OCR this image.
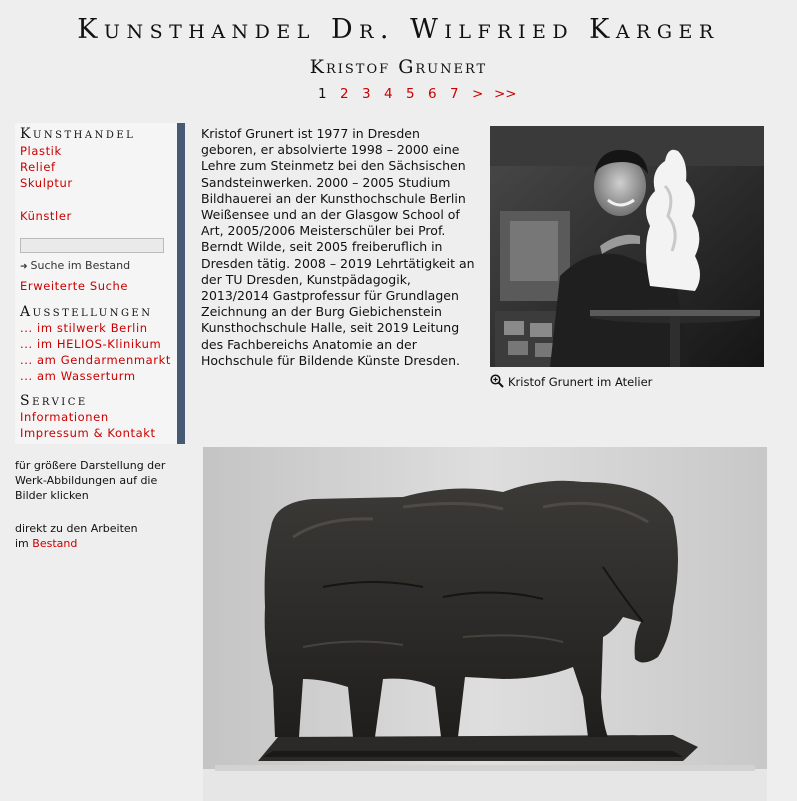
Kunsthandel Dr. Wilfried Karger
Kristof Grunert
1 2 3 4 5 6 7 > >>
Kunsthandel
Plastik
Relief
Skulptur
Künstler
➜ Suche im Bestand
Erweiterte Suche
Ausstellungen
... im stilwerk Berlin
... im HELIOS-Klinikum
... am Gendarmenmarkt
... am Wasserturm
Service
Informationen
Impressum & Kontakt
für größere Darstellung der Werk-Abbildungen auf die Bilder klicken
direkt zu den Arbeiten
im Bestand
Kristof Grunert ist 1977 in Dresden geboren, er absolvierte 1998 – 2000 eine Lehre zum Steinmetz bei den Sächsischen Sandsteinwerken. 2000 – 2005 Studium Bildhauerei an der Kunsthochschule Berlin Weißensee und an der Glasgow School of Art, 2005/2006 Meisterschüler bei Prof. Berndt Wilde, seit 2005 freiberuflich in Dresden tätig. 2008 – 2019 Lehrtätigkeit an der TU Dresden, Kunstpädagogik, 2013/2014 Gastprofessur für Grundlagen Zeichnung an der Burg Giebichenstein Kunsthochschule Halle, seit 2019 Leitung des Fachbereichs Anatomie an der Hochschule für Bildende Künste Dresden.
Kristof Grunert im Atelier
